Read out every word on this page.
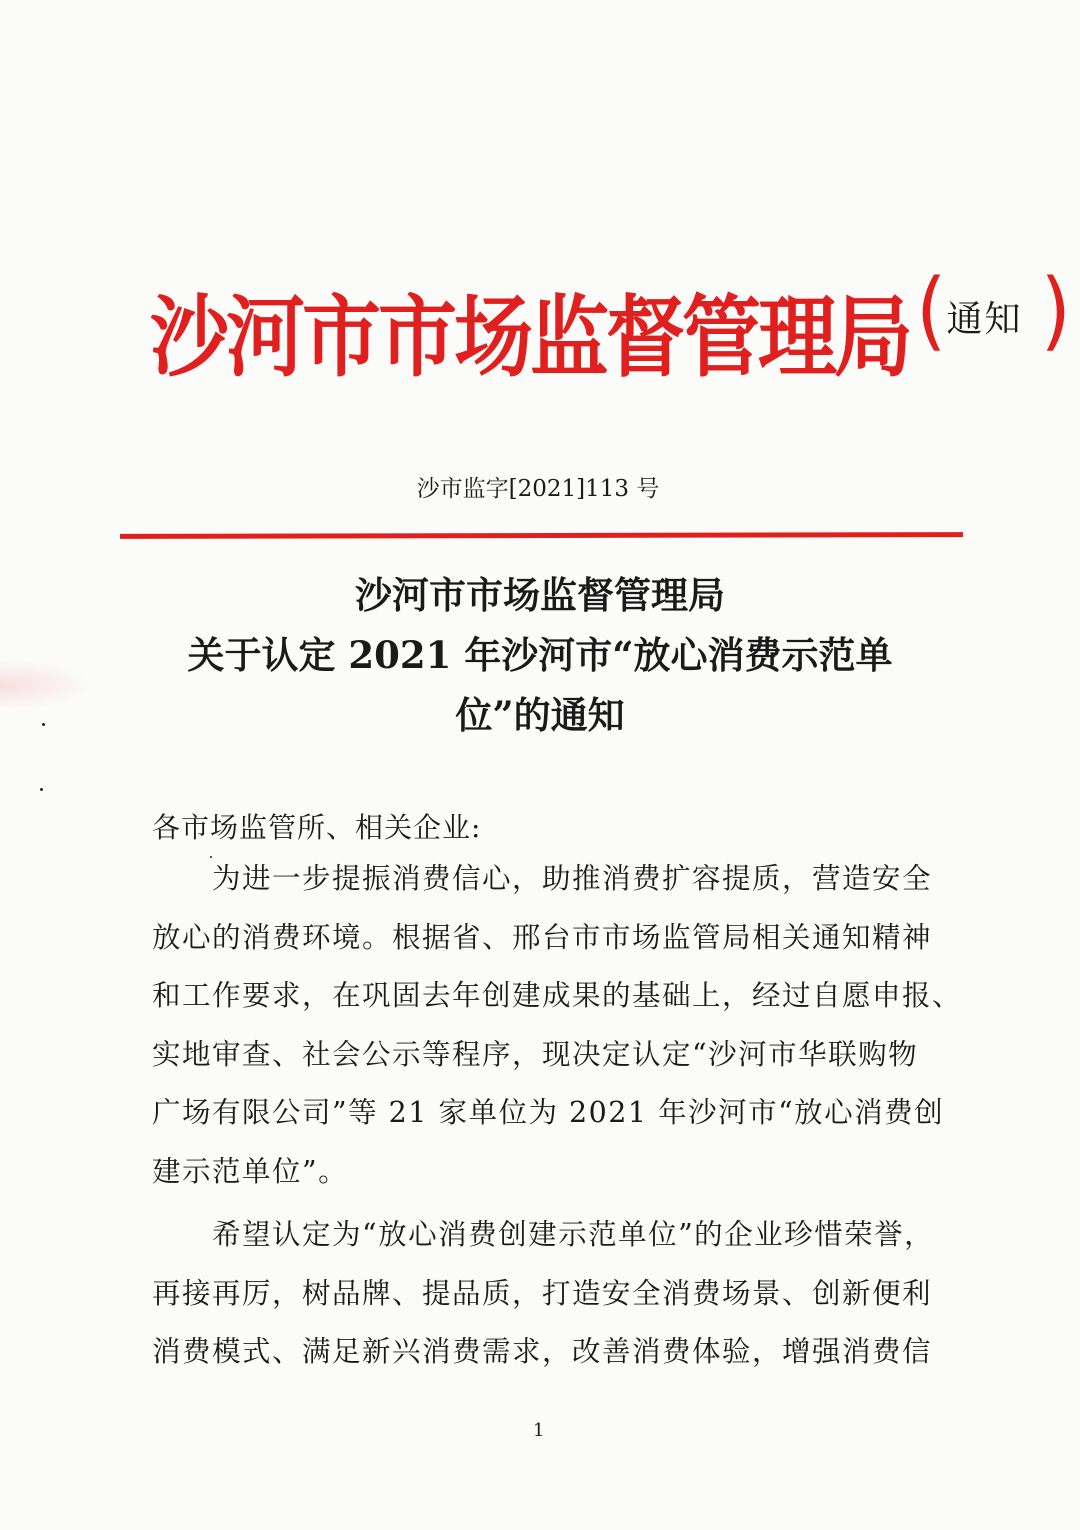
沙河市市场监督管理局(通知 )
沙市监字[2021]113 号
沙河市市场监督管理局
关于认定 2021 年沙河市“放心消费示范单
位”的通知
各市场监管所、相关企业:
为进一步提振消费信心，助推消费扩容提质，营造安全
放心的消费环境。根据省、邢台市市场监管局相关通知精神
和工作要求，在巩固去年创建成果的基础上，经过自愿申报、
实地审查、社会公示等程序，现决定认定“沙河市华联购物
广场有限公司”等 21 家单位为 2021 年沙河市“放心消费创
建示范单位”。
希望认定为“放心消费创建示范单位”的企业珍惜荣誉，
再接再厉，树品牌、提品质，打造安全消费场景、创新便利
消费模式、满足新兴消费需求，改善消费体验，增强消费信
1
